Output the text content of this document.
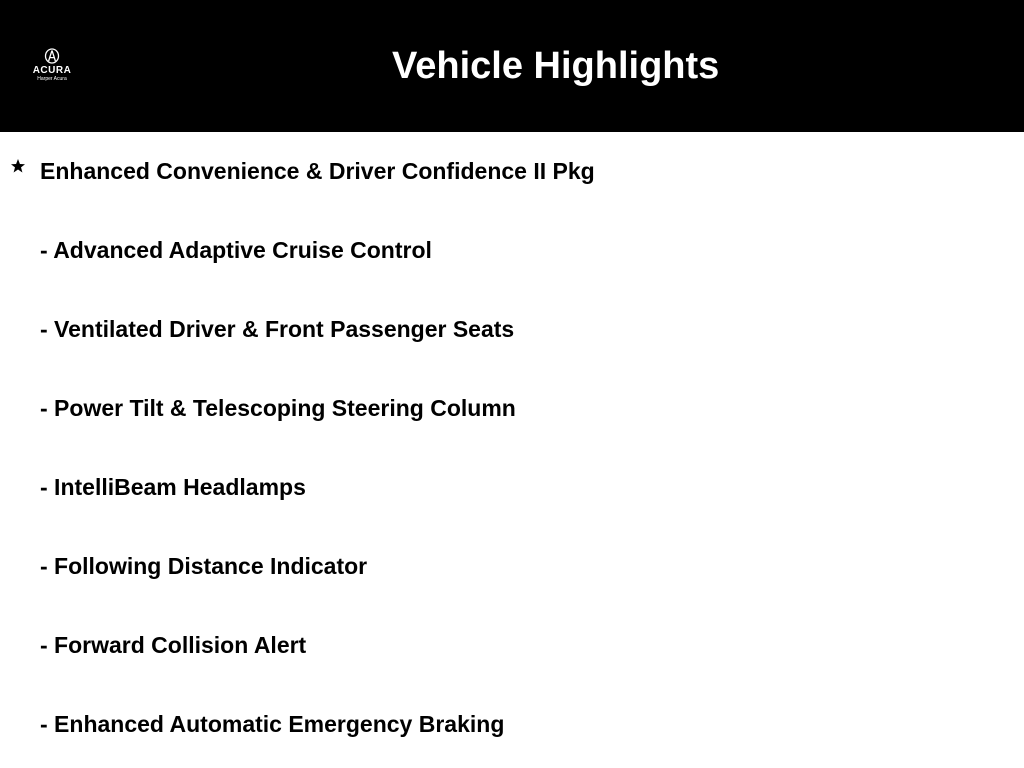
ACURA
Harper Acura	Vehicle Highlights
Enhanced Convenience & Driver Confidence II Pkg
- Advanced Adaptive Cruise Control
- Ventilated Driver & Front Passenger Seats
- Power Tilt & Telescoping Steering Column
- IntelliBeam Headlamps
- Following Distance Indicator
- Forward Collision Alert
- Enhanced Automatic Emergency Braking
